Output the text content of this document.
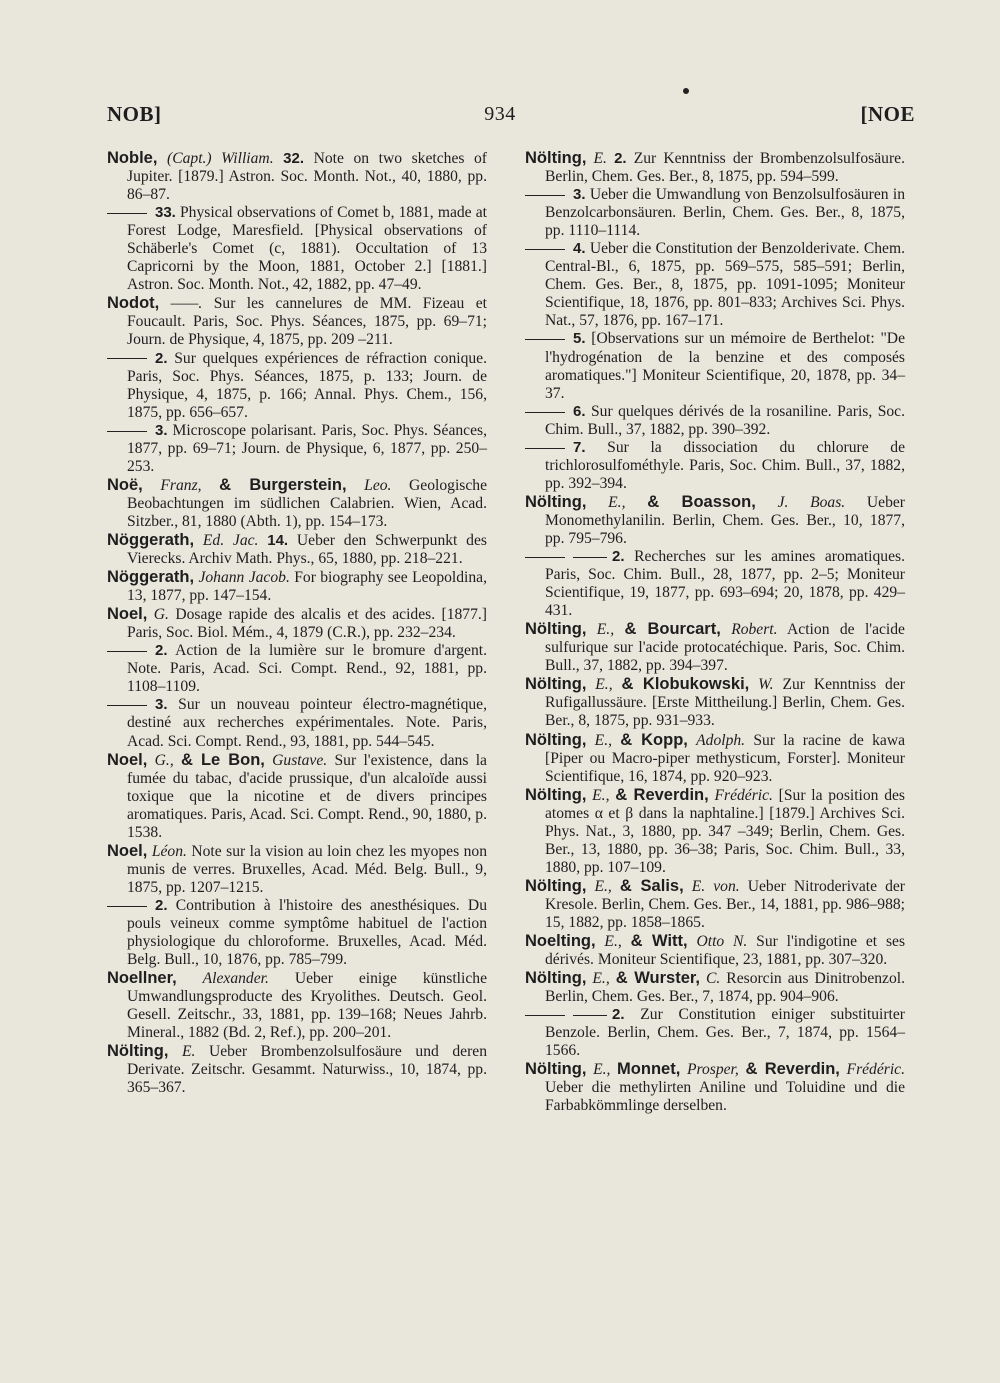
NOB]	934	[NOE

Noble, (Capt.) William. 32. Note on two sketches of Jupiter. [1879.] Astron. Soc. Month. Not., 40, 1880, pp. 86–87.

33. Physical observations of Comet b, 1881, made at Forest Lodge, Maresfield. [Physical observations of Schäberle's Comet (c, 1881). Occultation of 13 Capricorni by the Moon, 1881, October 2.] [1881.] Astron. Soc. Month. Not., 42, 1882, pp. 47–49.

Nodot, ——. Sur les cannelures de MM. Fizeau et Foucault. Paris, Soc. Phys. Séances, 1875, pp. 69–71; Journ. de Physique, 4, 1875, pp. 209 –211.

2. Sur quelques expériences de réfraction conique. Paris, Soc. Phys. Séances, 1875, p. 133; Journ. de Physique, 4, 1875, p. 166; Annal. Phys. Chem., 156, 1875, pp. 656–657.

3. Microscope polarisant. Paris, Soc. Phys. Séances, 1877, pp. 69–71; Journ. de Physique, 6, 1877, pp. 250–253.

Noë, Franz, & Burgerstein, Leo. Geologische Beobachtungen im südlichen Calabrien. Wien, Acad. Sitzber., 81, 1880 (Abth. 1), pp. 154–173.

Nöggerath, Ed. Jac. 14. Ueber den Schwerpunkt des Vierecks. Archiv Math. Phys., 65, 1880, pp. 218–221.

Nöggerath, Johann Jacob. For biography see Leopoldina, 13, 1877, pp. 147–154.

Noel, G. Dosage rapide des alcalis et des acides. [1877.] Paris, Soc. Biol. Mém., 4, 1879 (C.R.), pp. 232–234.

2. Action de la lumière sur le bromure d'argent. Note. Paris, Acad. Sci. Compt. Rend., 92, 1881, pp. 1108–1109.

3. Sur un nouveau pointeur électro-magnétique, destiné aux recherches expérimentales. Note. Paris, Acad. Sci. Compt. Rend., 93, 1881, pp. 544–545.

Noel, G., & Le Bon, Gustave. Sur l'existence, dans la fumée du tabac, d'acide prussique, d'un alcaloïde aussi toxique que la nicotine et de divers principes aromatiques. Paris, Acad. Sci. Compt. Rend., 90, 1880, p. 1538.

Noel, Léon. Note sur la vision au loin chez les myopes non munis de verres. Bruxelles, Acad. Méd. Belg. Bull., 9, 1875, pp. 1207–1215.

2. Contribution à l'histoire des anesthésiques. Du pouls veineux comme symptôme habituel de l'action physiologique du chloroforme. Bruxelles, Acad. Méd. Belg. Bull., 10, 1876, pp. 785–799.

Noellner, Alexander. Ueber einige künstliche Umwandlungsproducte des Kryolithes. Deutsch. Geol. Gesell. Zeitschr., 33, 1881, pp. 139–168; Neues Jahrb. Mineral., 1882 (Bd. 2, Ref.), pp. 200–201.

Nölting, E. Ueber Brombenzolsulfosäure und deren Derivate. Zeitschr. Gesammt. Naturwiss., 10, 1874, pp. 365–367.

Nölting, E. 2. Zur Kenntniss der Brombenzolsulfosäure. Berlin, Chem. Ges. Ber., 8, 1875, pp. 594–599.

3. Ueber die Umwandlung von Benzolsulfosäuren in Benzolcarbonsäuren. Berlin, Chem. Ges. Ber., 8, 1875, pp. 1110–1114.

4. Ueber die Constitution der Benzolderivate. Chem. Central-Bl., 6, 1875, pp. 569–575, 585–591; Berlin, Chem. Ges. Ber., 8, 1875, pp. 1091-1095; Moniteur Scientifique, 18, 1876, pp. 801–833; Archives Sci. Phys. Nat., 57, 1876, pp. 167–171.

5. [Observations sur un mémoire de Berthelot: "De l'hydrogénation de la benzine et des composés aromatiques."] Moniteur Scientifique, 20, 1878, pp. 34–37.

6. Sur quelques dérivés de la rosaniline. Paris, Soc. Chim. Bull., 37, 1882, pp. 390–392.

7. Sur la dissociation du chlorure de trichlorosulfométhyle. Paris, Soc. Chim. Bull., 37, 1882, pp. 392–394.

Nölting, E., & Boasson, J. Boas. Ueber Monomethylanilin. Berlin, Chem. Ges. Ber., 10, 1877, pp. 795–796.

2. Recherches sur les amines aromatiques. Paris, Soc. Chim. Bull., 28, 1877, pp. 2–5; Moniteur Scientifique, 19, 1877, pp. 693–694; 20, 1878, pp. 429–431.

Nölting, E., & Bourcart, Robert. Action de l'acide sulfurique sur l'acide protocatéchique. Paris, Soc. Chim. Bull., 37, 1882, pp. 394–397.

Nölting, E., & Klobukowski, W. Zur Kenntniss der Rufigallussäure. [Erste Mittheilung.] Berlin, Chem. Ges. Ber., 8, 1875, pp. 931–933.

Nölting, E., & Kopp, Adolph. Sur la racine de kawa [Piper ou Macro-piper methysticum, Forster]. Moniteur Scientifique, 16, 1874, pp. 920–923.

Nölting, E., & Reverdin, Frédéric. [Sur la position des atomes α et β dans la naphtaline.] [1879.] Archives Sci. Phys. Nat., 3, 1880, pp. 347 –349; Berlin, Chem. Ges. Ber., 13, 1880, pp. 36–38; Paris, Soc. Chim. Bull., 33, 1880, pp. 107–109.

Nölting, E., & Salis, E. von. Ueber Nitroderivate der Kresole. Berlin, Chem. Ges. Ber., 14, 1881, pp. 986–988; 15, 1882, pp. 1858–1865.

Noelting, E., & Witt, Otto N. Sur l'indigotine et ses dérivés. Moniteur Scientifique, 23, 1881, pp. 307–320.

Nölting, E., & Wurster, C. Resorcin aus Dinitrobenzol. Berlin, Chem. Ges. Ber., 7, 1874, pp. 904–906.

2. Zur Constitution einiger substituirter Benzole. Berlin, Chem. Ges. Ber., 7, 1874, pp. 1564–1566.

Nölting, E., Monnet, Prosper, & Reverdin, Frédéric. Ueber die methylirten Aniline und Toluidine und die Farbabkömmlinge derselben.
